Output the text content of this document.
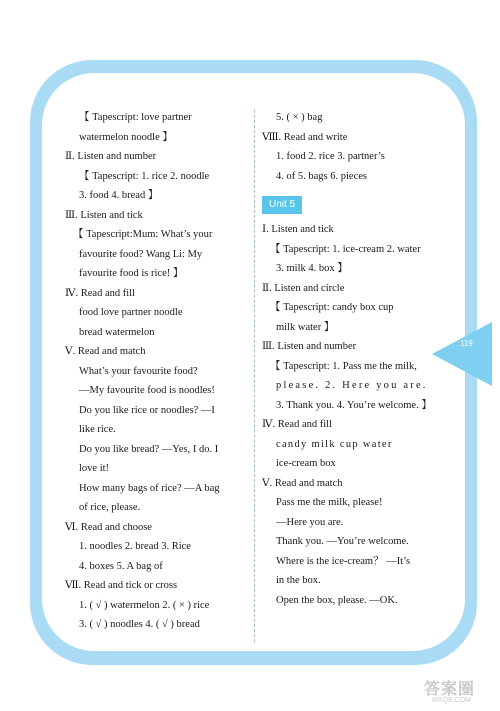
【 Tapescript: love partner
watermelon noodle 】
Ⅱ. Listen and number
【 Tapescript: 1. rice 2. noodle
3. food 4. bread 】
Ⅲ. Listen and tick
【 Tapescript:Mum: What’s your
favourite food? Wang Li: My
favourite food is rice! 】
Ⅳ. Read and fill
food love partner noodle
bread watermelon
Ⅴ. Read and match
What’s your favourite food?
—My favourite food is noodles!
Do you like rice or noodles? —I
like rice.
Do you like bread? —Yes, I do. I
love it!
How many bags of rice? —A bag
of rice, please.
Ⅵ. Read and choose
1. noodles 2. bread 3. Rice
4. boxes 5. A bag of
Ⅶ. Read and tick or cross
1. ( √ ) watermelon 2. ( × ) rice
3. ( √ ) noodles 4. ( √ ) bread
5. ( × ) bag
Ⅷ. Read and write
1. food 2. rice 3. partner’s
4. of 5. bags 6. pieces
Unit 5
Ⅰ. Listen and tick
【 Tapescript: 1. ice-cream 2. water
3. milk 4. box 】
Ⅱ. Listen and circle
【 Tapescript: candy box cup
milk water 】
Ⅲ. Listen and number
【 Tapescript: 1. Pass me the milk,
please. 2. Here you are.
3. Thank you. 4. You’re welcome. 】
Ⅳ. Read and fill
candy milk cup water
ice-cream box
Ⅴ. Read and match
Pass me the milk, please!
—Here you are.
Thank you. —You’re welcome.
Where is the ice-cream？ —It’s
in the box.
Open the box, please. —OK.
119
答案圈
MXQE.COM
